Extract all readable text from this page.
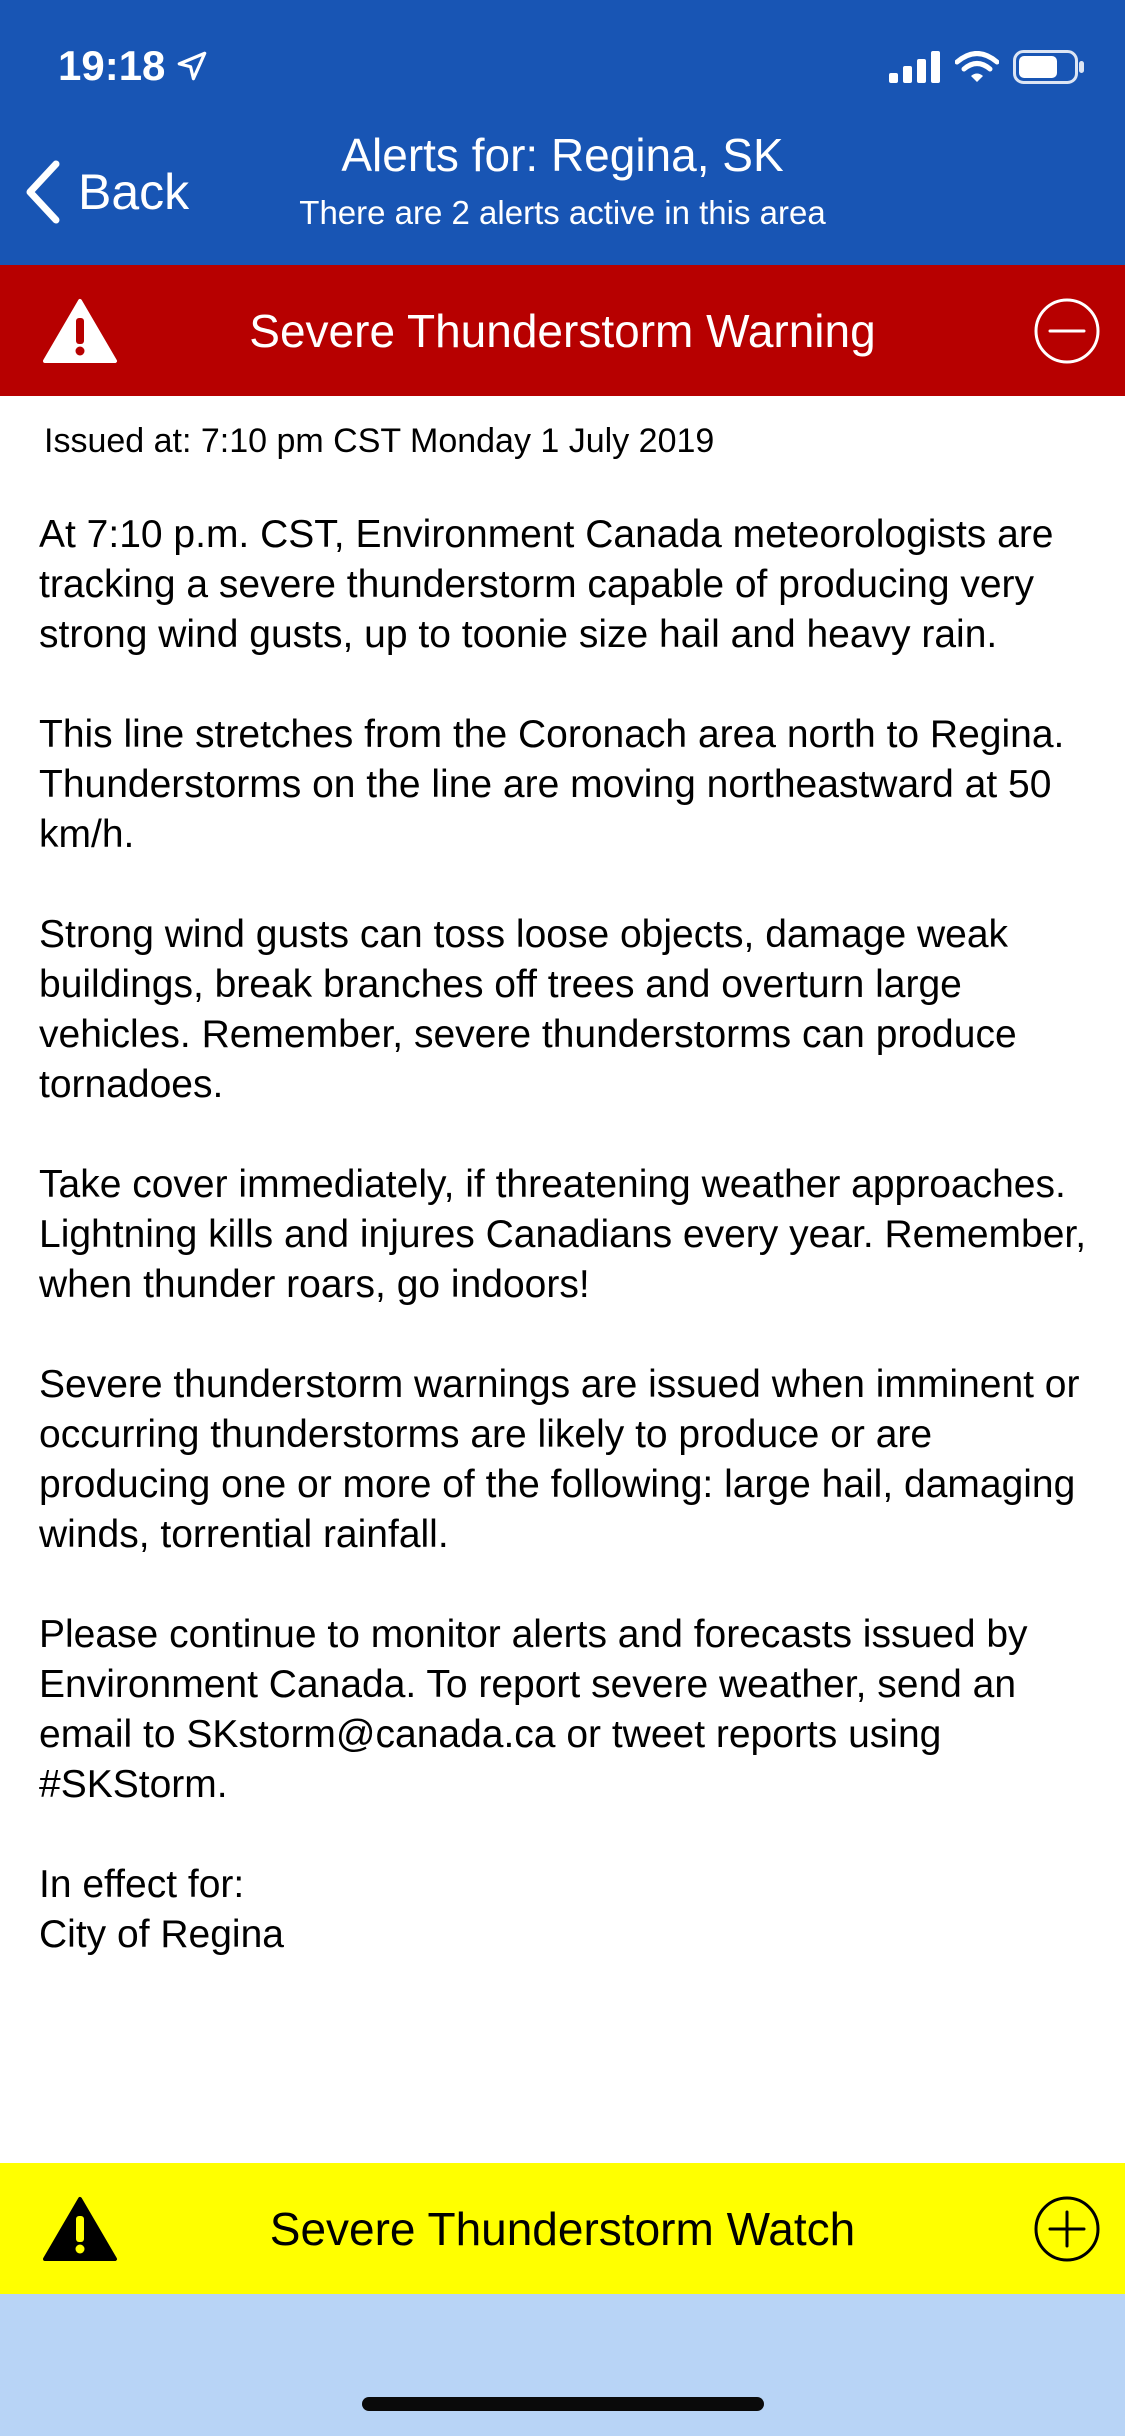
19:18
Back
Alerts for: Regina, SK
There are 2 alerts active in this area
Severe Thunderstorm Warning
Issued at: 7:10 pm CST Monday 1 July 2019

At 7:10 p.m. CST, Environment Canada meteorologists are tracking a severe thunderstorm capable of producing very strong wind gusts, up to toonie size hail and heavy rain.

This line stretches from the Coronach area north to Regina. Thunderstorms on the line are moving northeastward at 50 km/h.

Strong wind gusts can toss loose objects, damage weak buildings, break branches off trees and overturn large vehicles. Remember, severe thunderstorms can produce tornadoes.

Take cover immediately, if threatening weather approaches. Lightning kills and injures Canadians every year. Remember, when thunder roars, go indoors!

Severe thunderstorm warnings are issued when imminent or occurring thunderstorms are likely to produce or are producing one or more of the following: large hail, damaging winds, torrential rainfall.

Please continue to monitor alerts and forecasts issued by Environment Canada. To report severe weather, send an email to SKstorm@canada.ca or tweet reports using #SKStorm.

In effect for:

City of Regina

Severe Thunderstorm Watch
